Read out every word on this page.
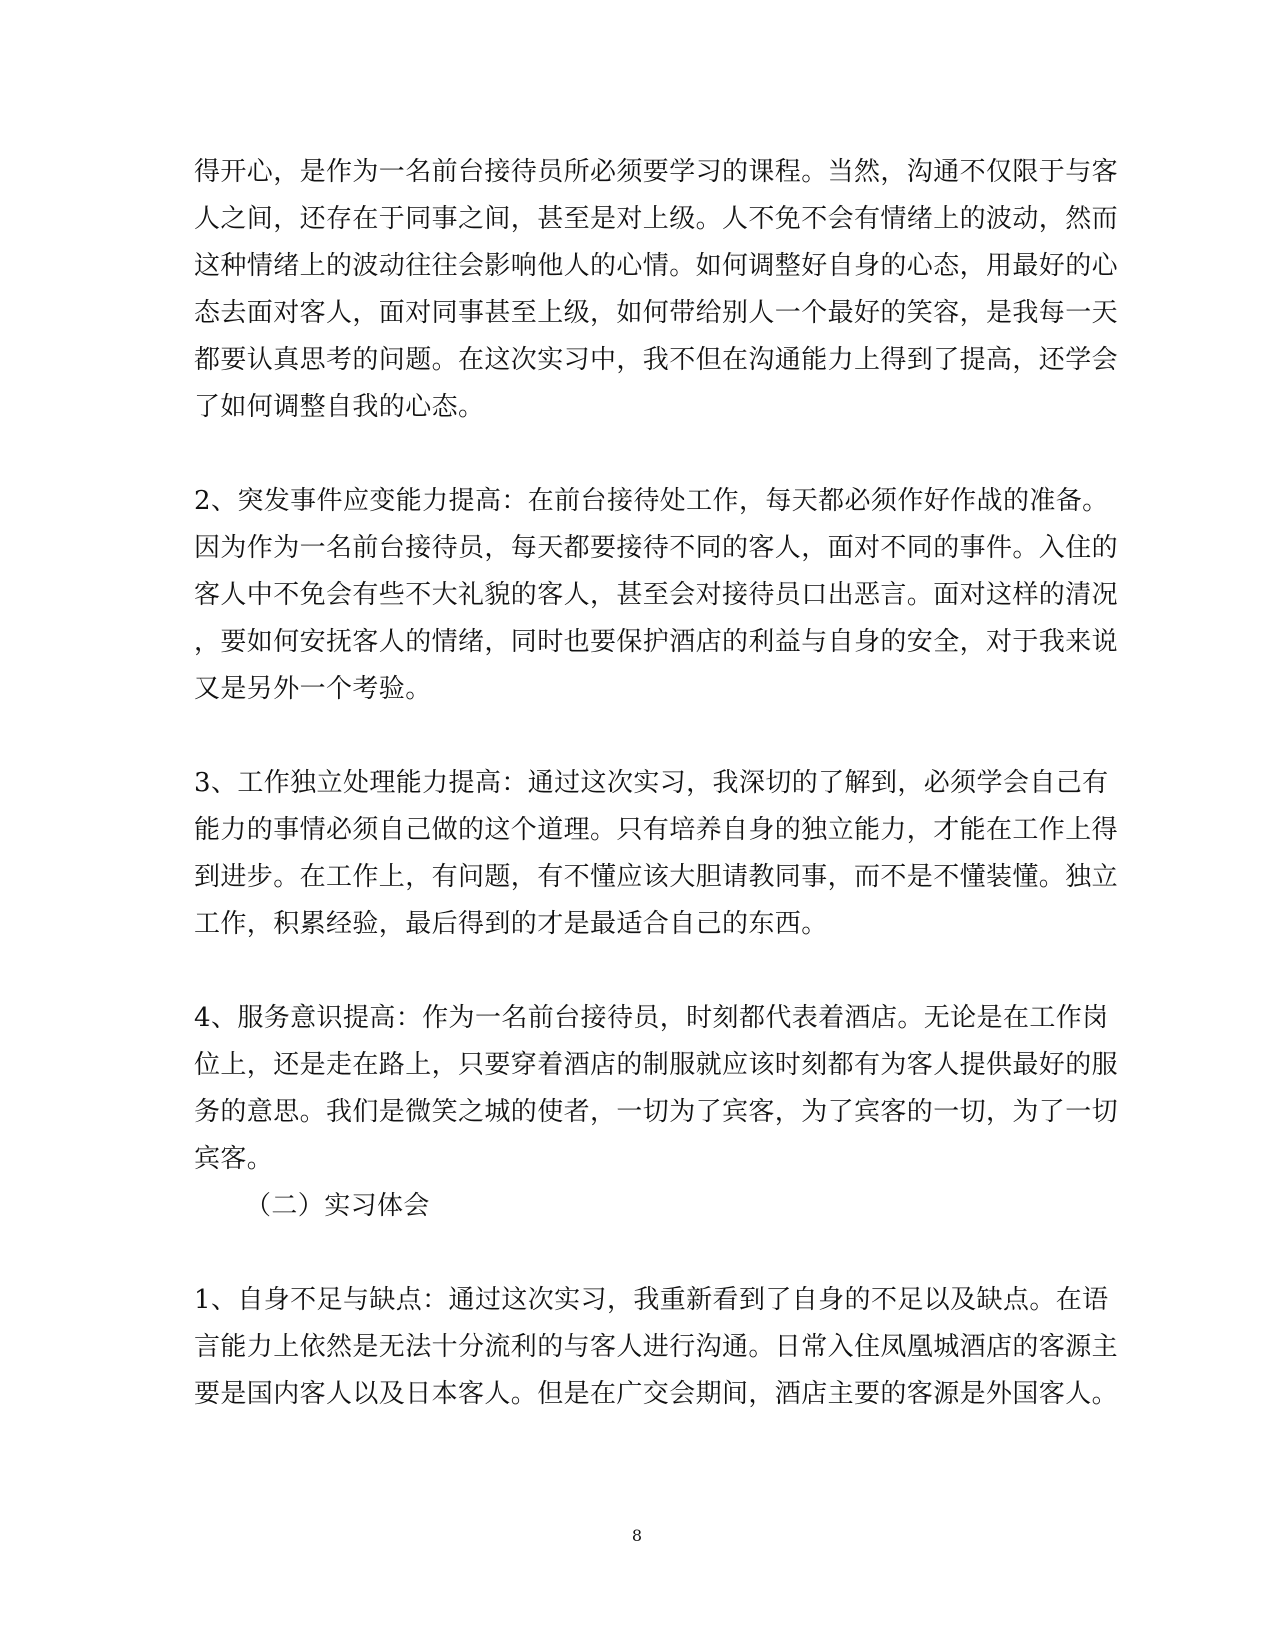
得开心，是作为一名前台接待员所必须要学习的课程。当然，沟通不仅限于与客
人之间，还存在于同事之间，甚至是对上级。人不免不会有情绪上的波动，然而
这种情绪上的波动往往会影响他人的心情。如何调整好自身的心态，用最好的心
态去面对客人，面对同事甚至上级，如何带给别人一个最好的笑容，是我每一天
都要认真思考的问题。在这次实习中，我不但在沟通能力上得到了提高，还学会
了如何调整自我的心态。
2、突发事件应变能力提高：在前台接待处工作，每天都必须作好作战的准备。
因为作为一名前台接待员，每天都要接待不同的客人，面对不同的事件。入住的
客人中不免会有些不大礼貌的客人，甚至会对接待员口出恶言。面对这样的清况
，要如何安抚客人的情绪，同时也要保护酒店的利益与自身的安全，对于我来说
又是另外一个考验。
3、工作独立处理能力提高：通过这次实习，我深切的了解到，必须学会自己有
能力的事情必须自己做的这个道理。只有培养自身的独立能力，才能在工作上得
到进步。在工作上，有问题，有不懂应该大胆请教同事，而不是不懂装懂。独立
工作，积累经验，最后得到的才是最适合自己的东西。
4、服务意识提高：作为一名前台接待员，时刻都代表着酒店。无论是在工作岗
位上，还是走在路上，只要穿着酒店的制服就应该时刻都有为客人提供最好的服
务的意思。我们是微笑之城的使者，一切为了宾客，为了宾客的一切，为了一切
宾客。
（二）实习体会
1、自身不足与缺点：通过这次实习，我重新看到了自身的不足以及缺点。在语
言能力上依然是无法十分流利的与客人进行沟通。日常入住凤凰城酒店的客源主
要是国内客人以及日本客人。但是在广交会期间，酒店主要的客源是外国客人。
8
